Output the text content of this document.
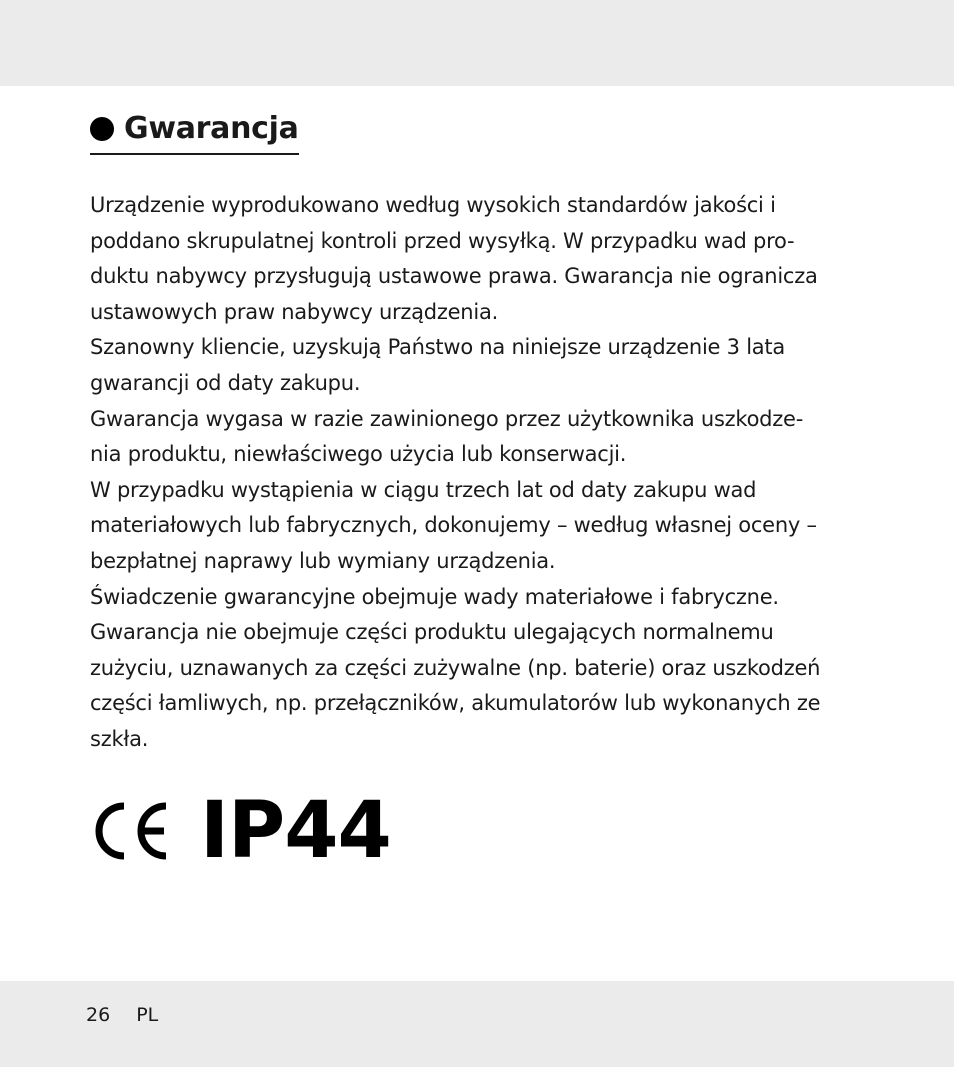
Gwarancja

Urządzenie wyprodukowano według wysokich standardów jakości i
poddano skrupulatnej kontroli przed wysyłką. W przypadku wad pro-
duktu nabywcy przysługują ustawowe prawa. Gwarancja nie ogranicza
ustawowych praw nabywcy urządzenia.
Szanowny kliencie, uzyskują Państwo na niniejsze urządzenie 3 lata
gwarancji od daty zakupu.
Gwarancja wygasa w razie zawinionego przez użytkownika uszkodze-
nia produktu, niewłaściwego użycia lub konserwacji.
W przypadku wystąpienia w ciągu trzech lat od daty zakupu wad
materiałowych lub fabrycznych, dokonujemy – według własnej oceny –
bezpłatnej naprawy lub wymiany urządzenia.
Świadczenie gwarancyjne obejmuje wady materiałowe i fabryczne.
Gwarancja nie obejmuje części produktu ulegających normalnemu
zużyciu, uznawanych za części zużywalne (np. baterie) oraz uszkodzeń
części łamliwych, np. przełączników, akumulatorów lub wykonanych ze
szkła.

IP44
26 PL
